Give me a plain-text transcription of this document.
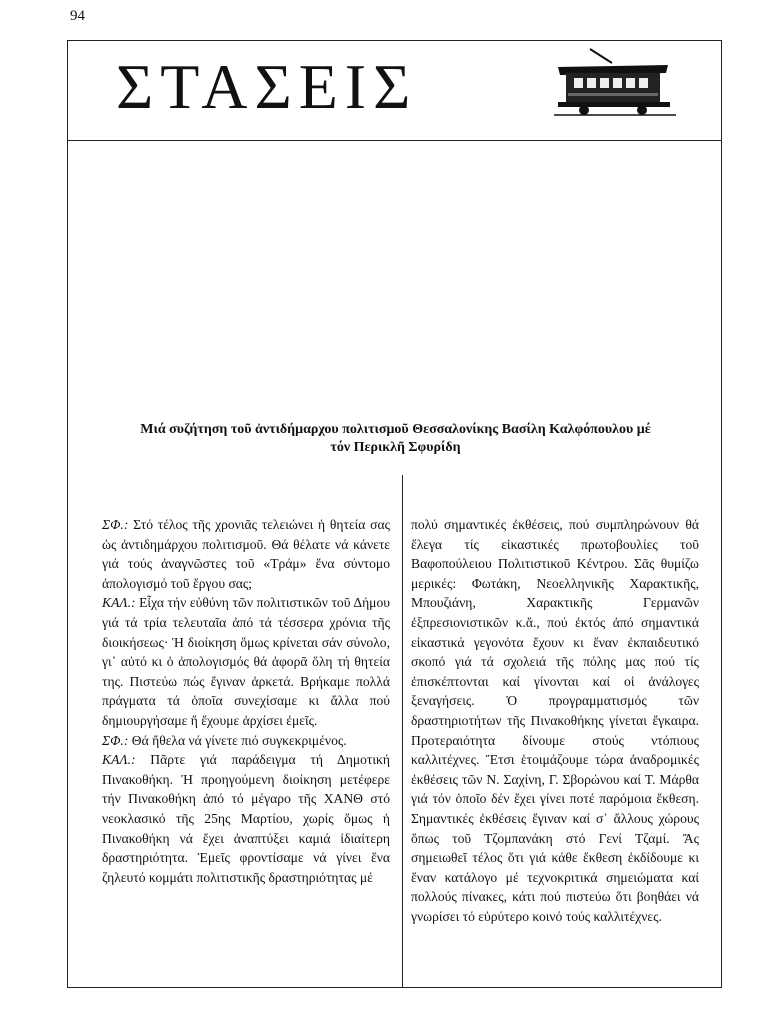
94
ΣΤΑΣΕΙΣ
Μιά συζήτηση τοῦ ἀντιδήμαρχου πολιτισμοῦ Θεσσαλονίκης Βασίλη Καλφόπουλου μέ
τόν Περικλῆ Σφυρίδη

ΣΦ.: Στό τέλος τῆς χρονιᾶς τελειώνει ἡ θητεία σας ὡς ἀντιδημάρχου πολιτισμοῦ. Θά θέλατε νά κάνετε γιά τούς ἀναγνῶστες τοῦ «Τράμ» ἕνα σύντομο ἀπολογισμό τοῦ ἔργου σας;

ΚΑΛ.: Εἶχα τήν εὐθύνη τῶν πολιτιστικῶν τοῦ Δήμου γιά τά τρία τελευταῖα ἀπό τά τέσσερα χρόνια τῆς διοικήσεως· Ἡ διοίκηση ὅμως κρίνεται σάν σύνολο, γι᾽ αὐτό κι ὁ ἀπολογισμός θά ἀφορᾶ ὅλη τή θητεία της. Πιστεύω πώς ἔγιναν ἀρκετά. Βρήκαμε πολλά πράγματα τά ὁποῖα συνεχίσαμε κι ἄλλα πού δημιουργήσαμε ἤ ἔχουμε ἀρχίσει ἐμεῖς.

ΣΦ.: Θά ἤθελα νά γίνετε πιό συγκεκριμένος.

ΚΑΛ.: Πᾶρτε γιά παράδειγμα τή Δημοτική Πινακοθήκη. Ἡ προηγούμενη διοίκηση μετέφερε τήν Πινακοθήκη ἀπό τό μέγαρο τῆς ΧΑΝΘ στό νεοκλασικό τῆς 25ης Μαρτίου, χωρίς ὅμως ἡ Πινακοθήκη νά ἔχει ἀναπτύξει καμιά ἰδιαίτερη δραστηριότητα. Ἐμεῖς φροντίσαμε νά γίνει ἕνα ζηλευτό κομμάτι πολιτιστικῆς δραστηριότητας μέ

πολύ σημαντικές ἐκθέσεις, πού συμπληρώνουν θά ἔλεγα τίς εἰκαστικές πρωτοβουλίες τοῦ Βαφοπούλειου Πολιτιστικοῦ Κέντρου. Σᾶς θυμίζω μερικές: Φωτάκη, Νεοελληνικῆς Χαρακτικῆς, Μπουζιάνη, Χαρακτικῆς Γερμανῶν ἐξπρεσιονιστικῶν κ.ἄ., πού ἐκτός ἀπό σημαντικά εἰκαστικά γεγονότα ἔχουν κι ἕναν ἐκπαιδευτικό σκοπό γιά τά σχολειά τῆς πόλης μας πού τίς ἐπισκέπτονται καί γίνονται καί οἱ ἀνάλογες ξεναγήσεις. Ὁ προγραμματισμός τῶν δραστηριοτήτων τῆς Πινακοθήκης γίνεται ἔγκαιρα. Προτεραιότητα δίνουμε στούς ντόπιους καλλιτέχνες. Ἔτσι ἑτοιμάζουμε τώρα ἀναδρομικές ἐκθέσεις τῶν Ν. Σαχίνη, Γ. Σβορώνου καί Τ. Μάρθα γιά τόν ὁποῖο δέν ἔχει γίνει ποτέ παρόμοια ἔκθεση. Σημαντικές ἐκθέσεις ἔγιναν καί σ᾽ ἄλλους χώρους ὅπως τοῦ Τζομπανάκη στό Γενί Τζαμί. Ἄς σημειωθεῖ τέλος ὅτι γιά κάθε ἔκθεση ἐκδίδουμε κι ἕναν κατάλογο μέ τεχνοκριτικά σημειώματα καί πολλούς πίνακες, κάτι πού πιστεύω ὅτι βοηθάει νά γνωρίσει τό εὐρύτερο κοινό τούς καλλιτέχνες.
